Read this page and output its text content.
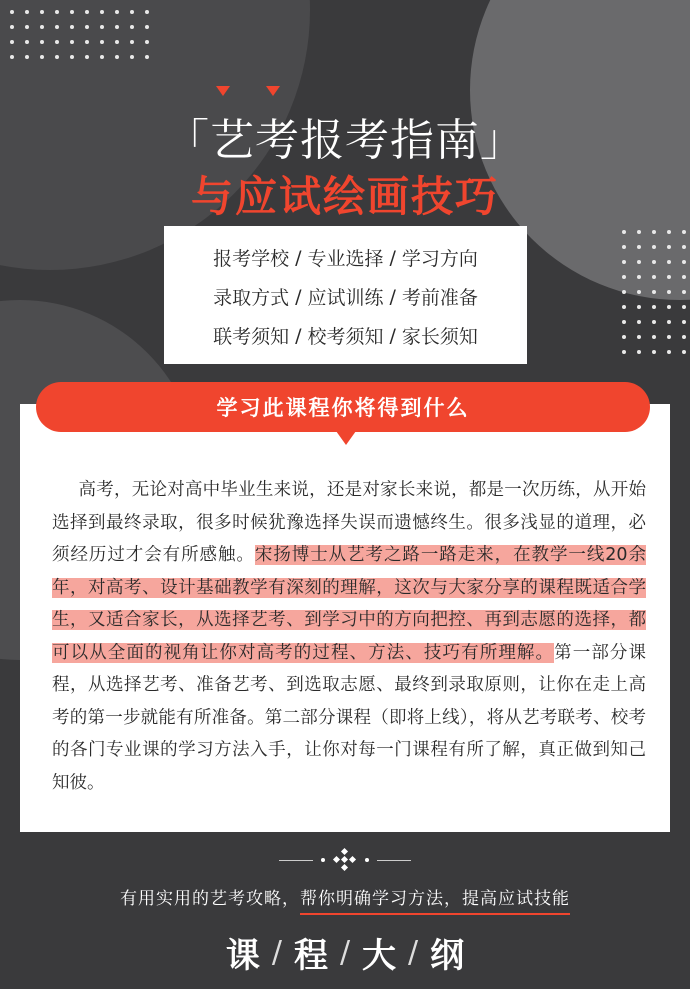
「艺考报考指南」
与应试绘画技巧
报考学校 / 专业选择 / 学习方向
录取方式 / 应试训练 / 考前准备
联考须知 / 校考须知 / 家长须知
学习此课程你将得到什么
  高考，无论对高中毕业生来说，还是对家长来说，都是一次历练，从开始选择到最终录取，很多时候犹豫选择失误而遗憾终生。很多浅显的道理，必须经历过才会有所感触。宋扬博士从艺考之路一路走来，在教学一线20余年，对高考、设计基础教学有深刻的理解，这次与大家分享的课程既适合学生，又适合家长，从选择艺考、到学习中的方向把控、再到志愿的选择，都可以从全面的视角让你对高考的过程、方法、技巧有所理解。第一部分课程，从选择艺考、准备艺考、到选取志愿、最终到录取原则，让你在走上高考的第一步就能有所准备。第二部分课程（即将上线），将从艺考联考、校考的各门专业课的学习方法入手，让你对每一门课程有所了解，真正做到知己知彼。
有用实用的艺考攻略，帮你明确学习方法，提高应试技能
课 / 程 / 大 / 纲
